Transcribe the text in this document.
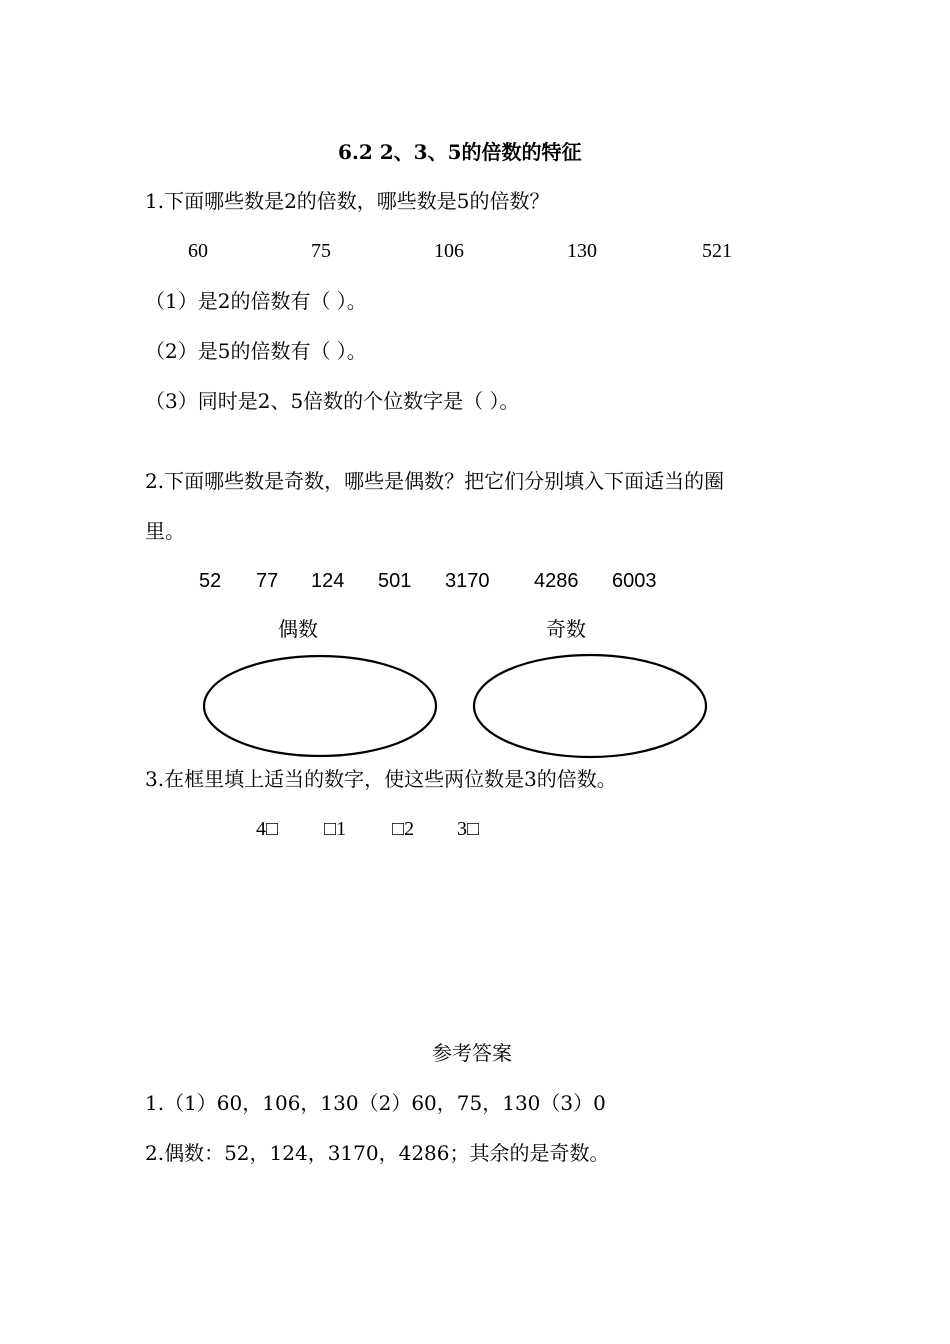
6.2 2、3、5的倍数的特征
1.下面哪些数是2的倍数，哪些数是5的倍数？
60	75	106	130	521
（1）是2的倍数有（ ）。
（2）是5的倍数有（ ）。
（3）同时是2、5倍数的个位数字是（ ）。
2.下面哪些数是奇数，哪些是偶数？把它们分别填入下面适当的圈
里。
52 77 124 501 3170 4286 6003
偶数	奇数
3.在框里填上适当的数字，使这些两位数是3的倍数。
4□ □1 □2 3□
参考答案
1.（1）60，106，130（2）60，75，130（3）0
2.偶数：52，124，3170，4286；其余的是奇数。
